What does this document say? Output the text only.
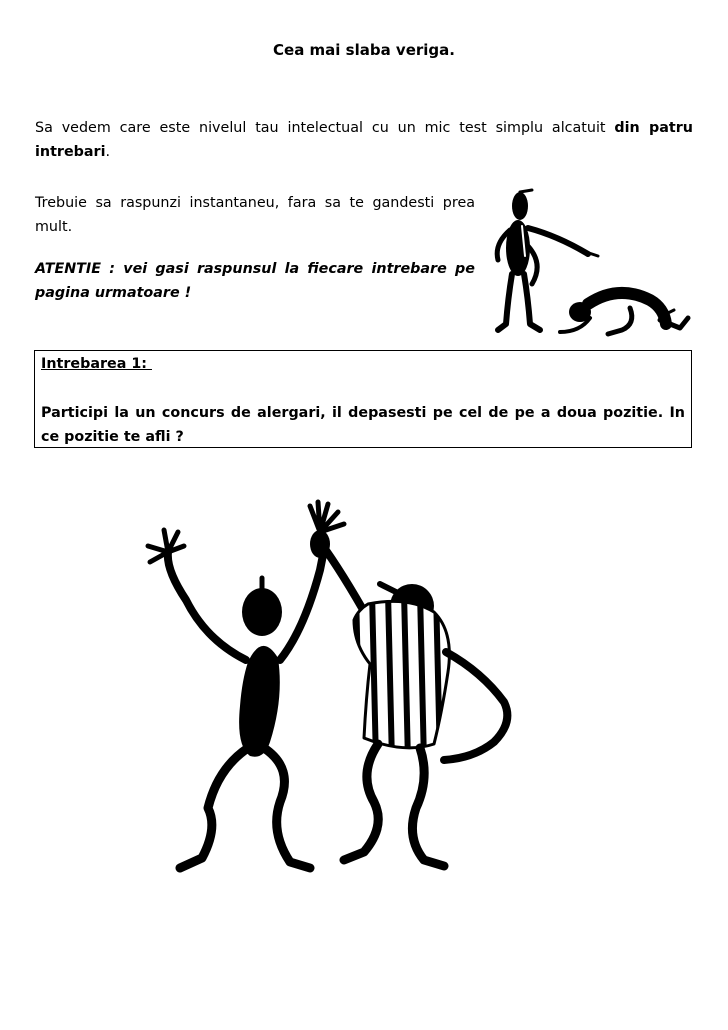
Cea mai slaba veriga.
Sa vedem care este nivelul tau intelectual cu un mic test simplu alcatuit din patru intrebari.
Trebuie sa raspunzi instantaneu, fara sa te gandesti prea mult.
ATENTIE : vei gasi raspunsul la fiecare intrebare pe pagina urmatoare !
Intrebarea 1:
Participi la un concurs de alergari, il depasesti pe cel de pe a doua pozitie. In ce pozitie te afli ?
